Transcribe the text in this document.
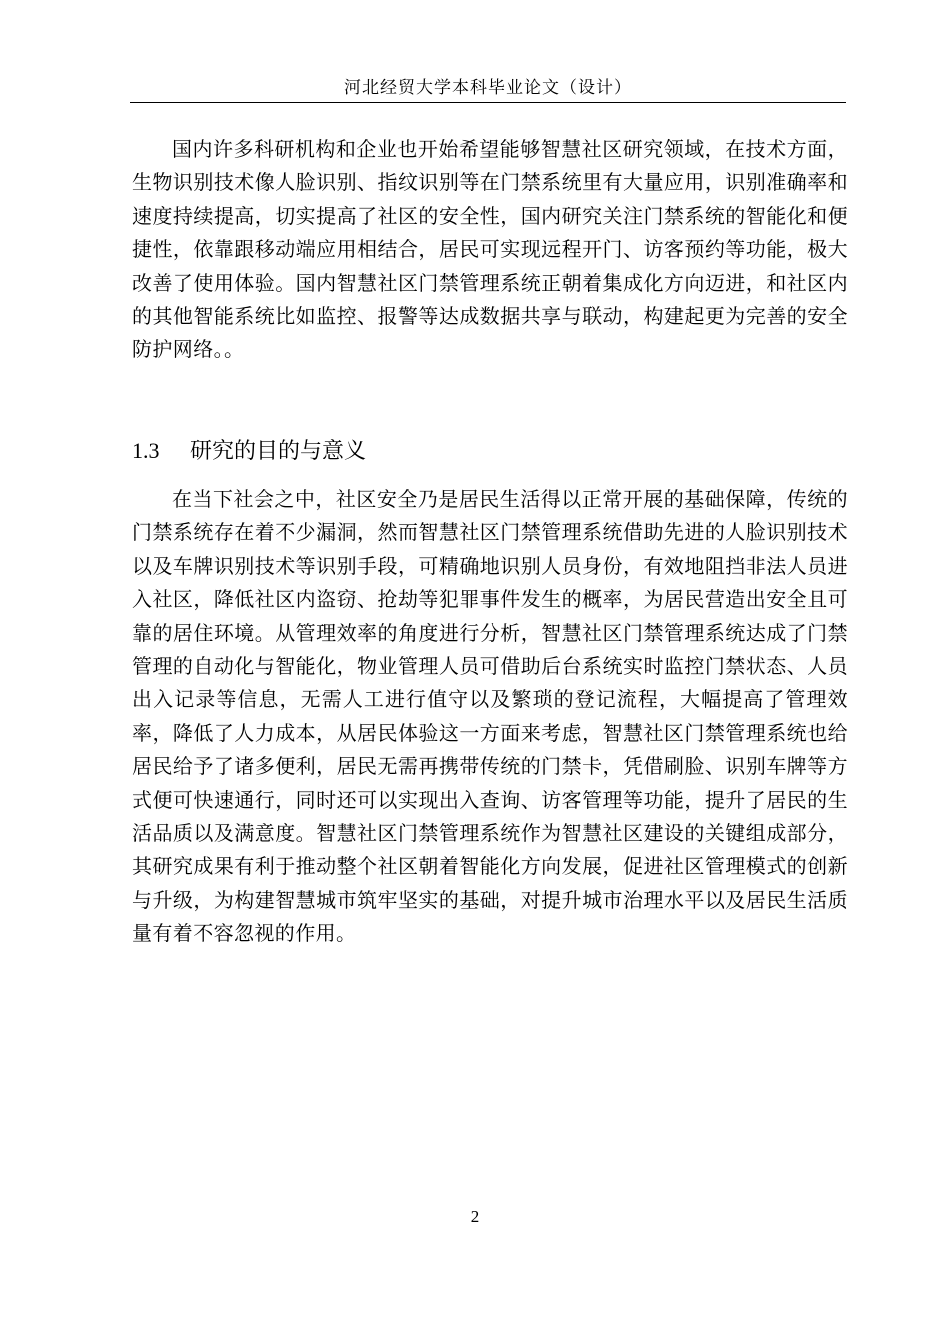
河北经贸大学本科毕业论文（设计）

国内许多科研机构和企业也开始希望能够智慧社区研究领域，在技术方面，生物识别技术像人脸识别、指纹识别等在门禁系统里有大量应用，识别准确率和速度持续提高，切实提高了社区的安全性，国内研究关注门禁系统的智能化和便捷性，依靠跟移动端应用相结合，居民可实现远程开门、访客预约等功能，极大改善了使用体验。国内智慧社区门禁管理系统正朝着集成化方向迈进，和社区内的其他智能系统比如监控、报警等达成数据共享与联动，构建起更为完善的安全防护网络。。

1.3 研究的目的与意义

在当下社会之中，社区安全乃是居民生活得以正常开展的基础保障，传统的门禁系统存在着不少漏洞，然而智慧社区门禁管理系统借助先进的人脸识别技术以及车牌识别技术等识别手段，可精确地识别人员身份，有效地阻挡非法人员进入社区，降低社区内盗窃、抢劫等犯罪事件发生的概率，为居民营造出安全且可靠的居住环境。从管理效率的角度进行分析，智慧社区门禁管理系统达成了门禁管理的自动化与智能化，物业管理人员可借助后台系统实时监控门禁状态、人员出入记录等信息，无需人工进行值守以及繁琐的登记流程，大幅提高了管理效率，降低了人力成本，从居民体验这一方面来考虑，智慧社区门禁管理系统也给居民给予了诸多便利，居民无需再携带传统的门禁卡，凭借刷脸、识别车牌等方式便可快速通行，同时还可以实现出入查询、访客管理等功能，提升了居民的生活品质以及满意度。智慧社区门禁管理系统作为智慧社区建设的关键组成部分，其研究成果有利于推动整个社区朝着智能化方向发展，促进社区管理模式的创新与升级，为构建智慧城市筑牢坚实的基础，对提升城市治理水平以及居民生活质量有着不容忽视的作用。

2
